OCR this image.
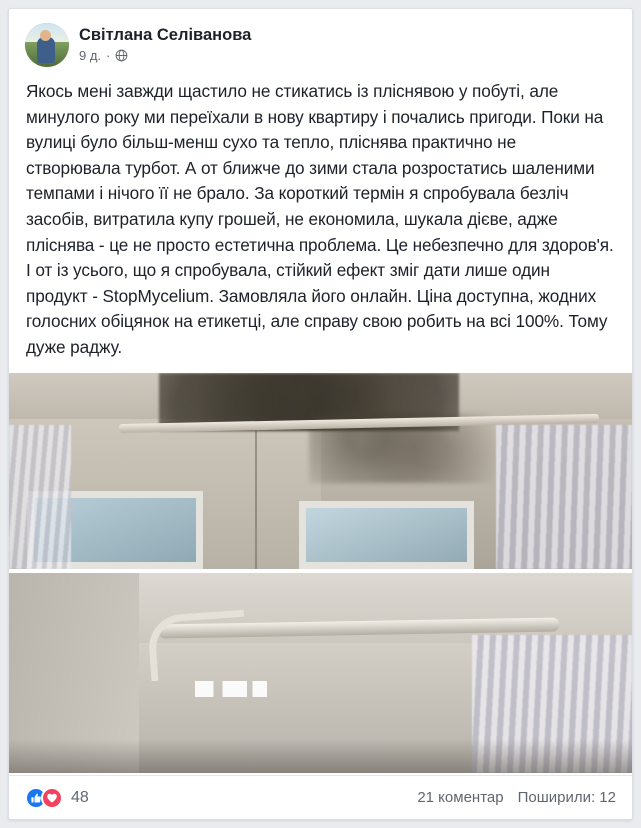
Світлана Селіванова
9 д. ·
Якось мені завжди щастило не стикатись із пліснявою у побуті, але минулого року ми переїхали в нову квартиру і почались пригоди. Поки на вулиці було більш-менш сухо та тепло, пліснява практично не створювала турбот. А от ближче до зими стала розростатись шаленими темпами і нічого її не брало. За короткий термін я спробувала безліч засобів, витратила купу грошей, не економила, шукала дієве, адже пліснява - це не просто естетична проблема. Це небезпечно для здоров'я. І от із усього, що я спробувала, стійкий ефект зміг дати лише один продукт - StopMycelium. Замовляла його онлайн. Ціна доступна, жодних голосних обіцянок на етикетці, але справу свою робить на всі 100%. Тому дуже раджу.
48	21 коментар Поширили: 12
